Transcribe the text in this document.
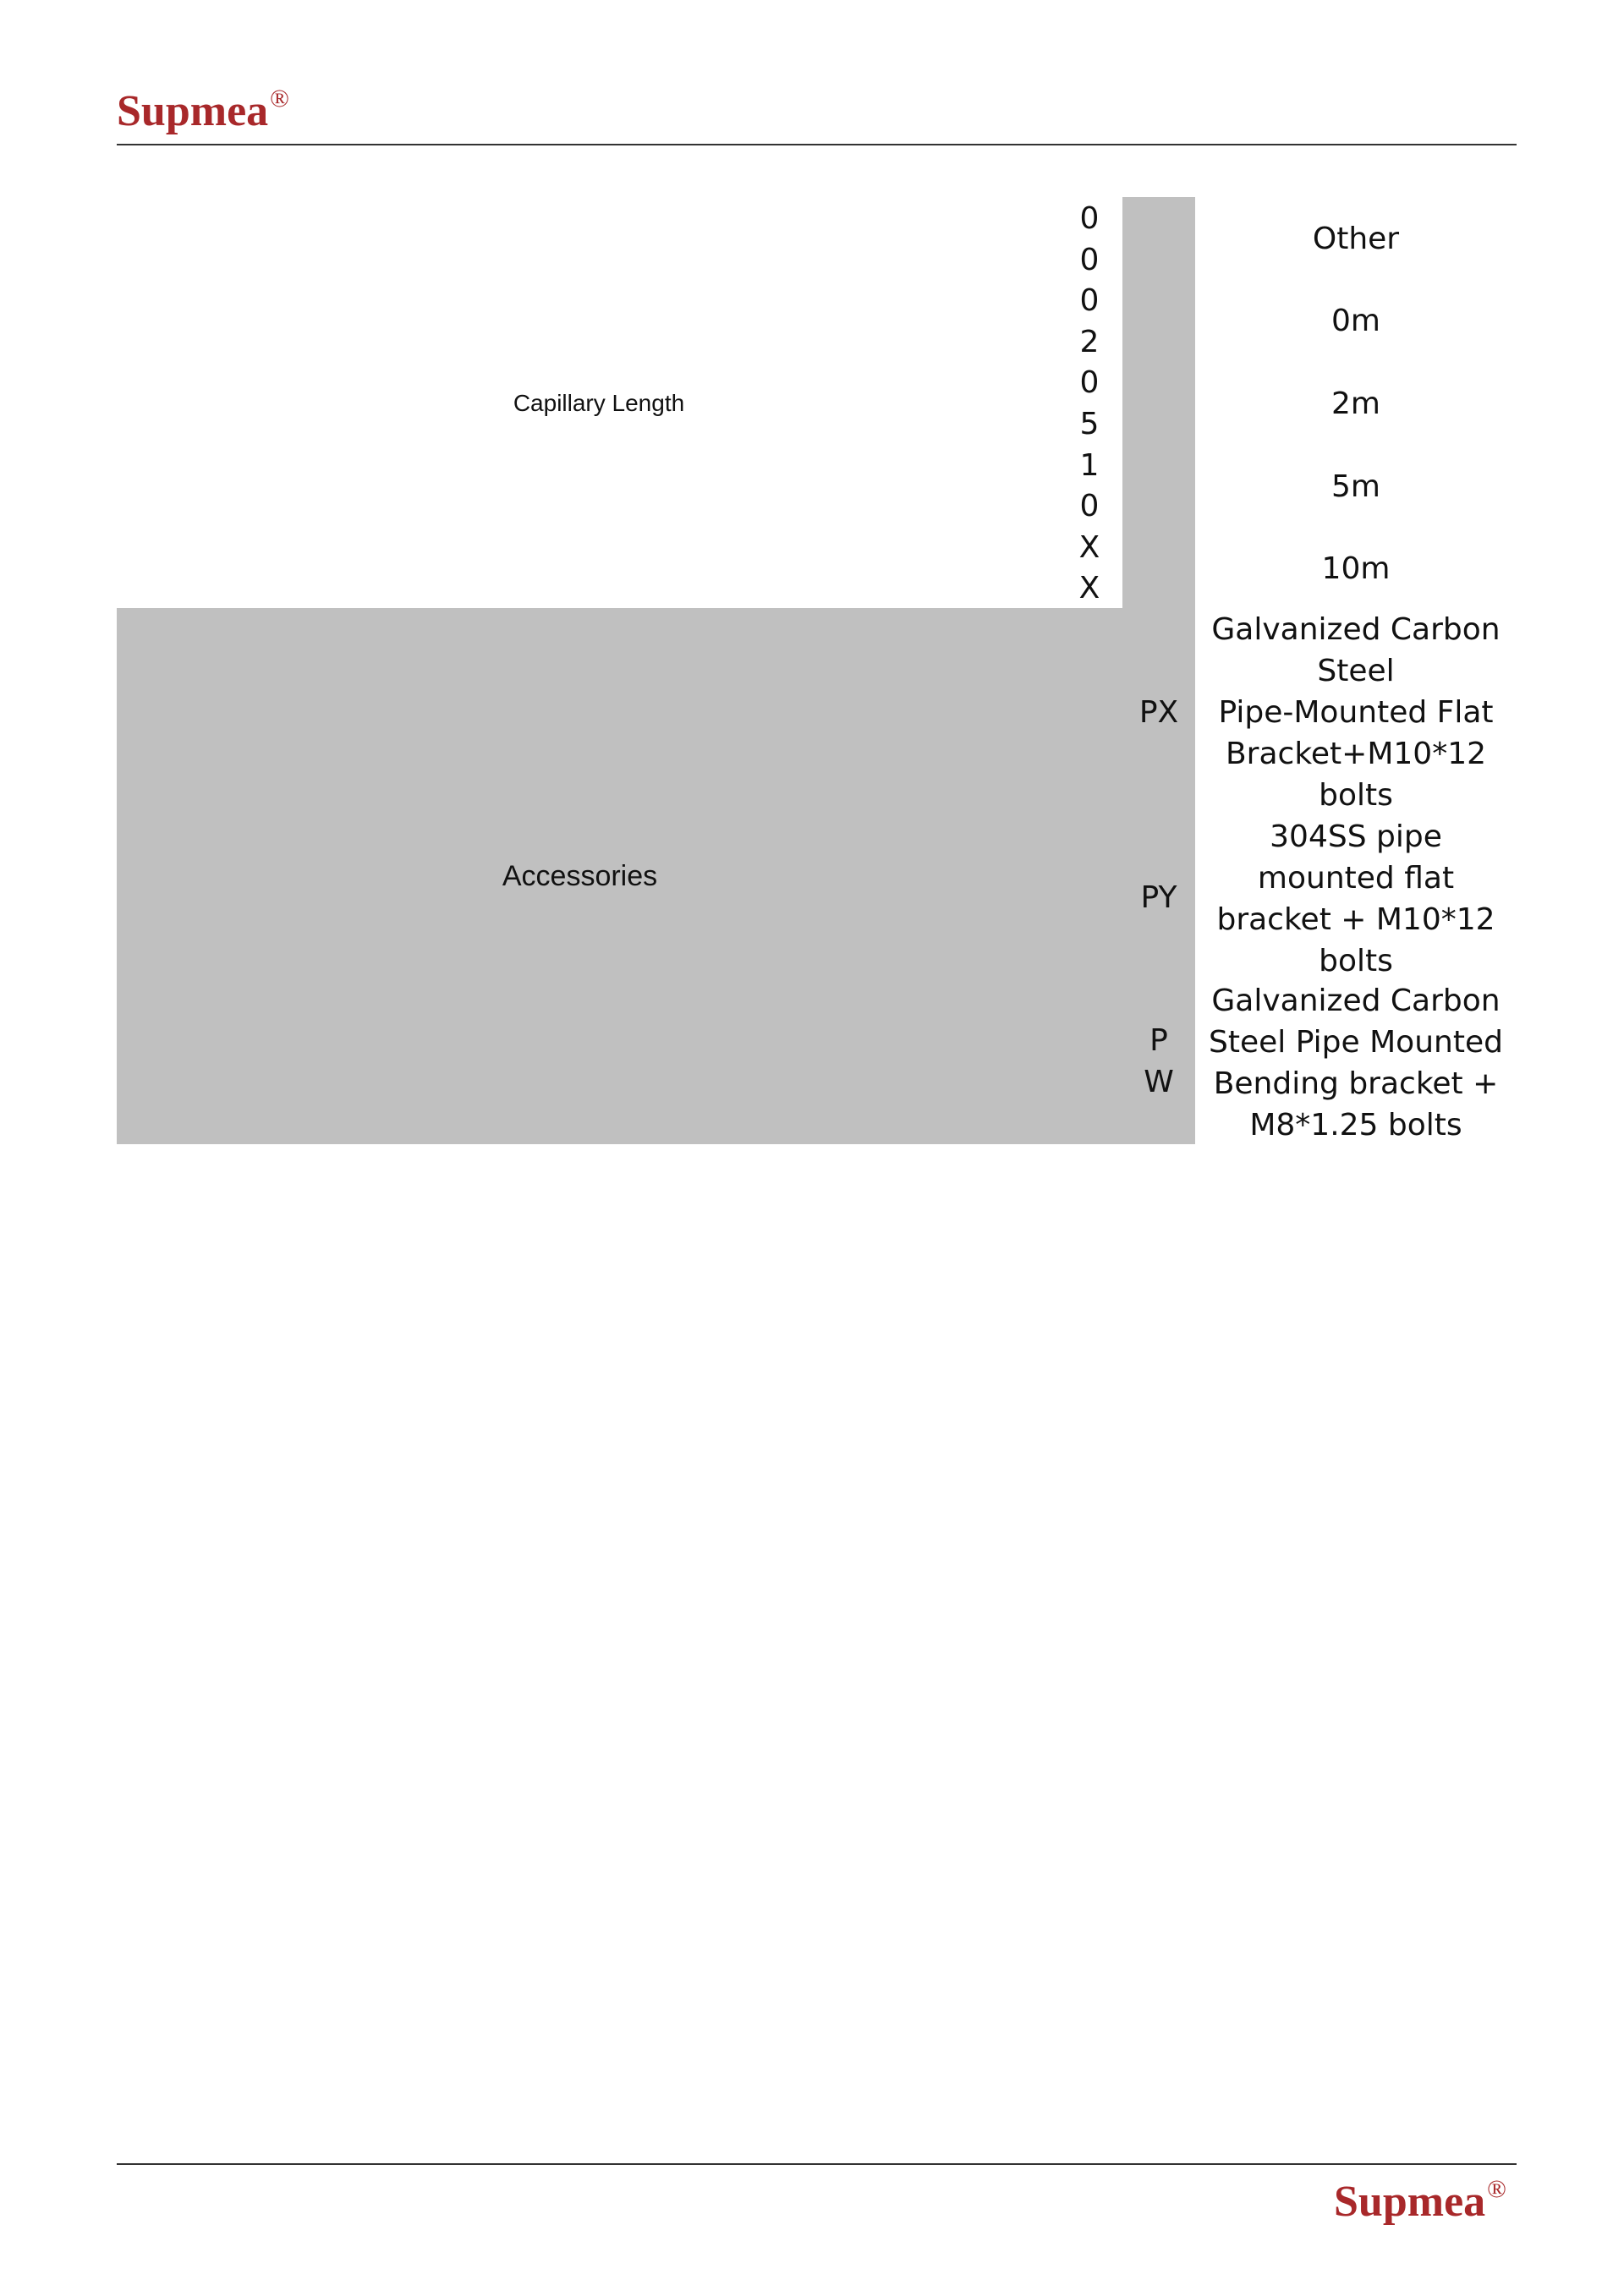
Supmea®
Capillary Length
0
0
0
2
0
5
1
0
X
X
Other
0m
2m
5m
10m
Accessories
PX
Galvanized Carbon
Steel
Pipe-Mounted Flat
Bracket+M10*12
bolts
PY
304SS pipe
mounted flat
bracket + M10*12
bolts
P
W
Galvanized Carbon
Steel Pipe Mounted
Bending bracket +
M8*1.25 bolts
Supmea®
